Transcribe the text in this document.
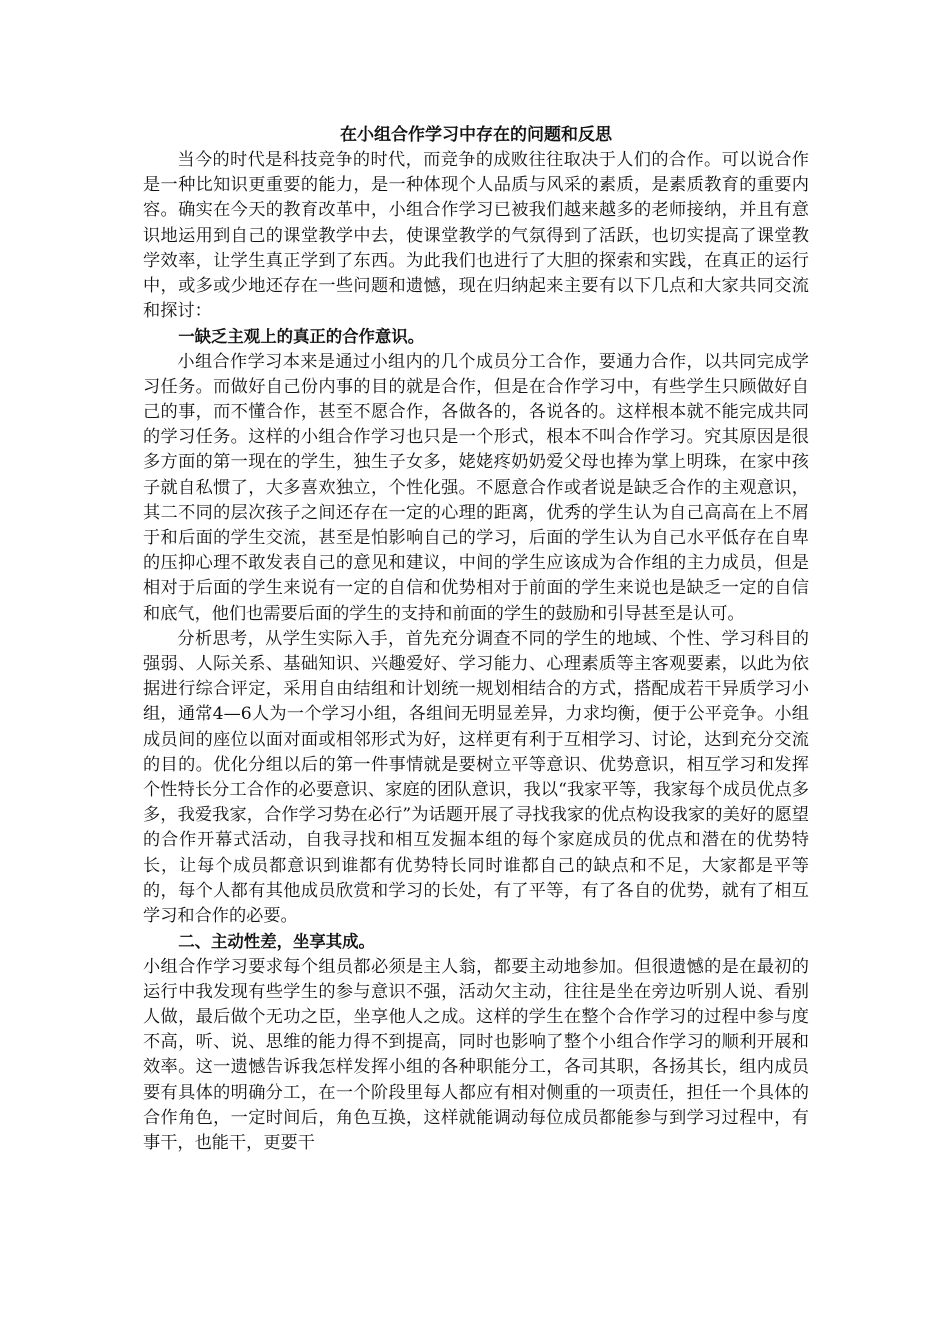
在小组合作学习中存在的问题和反思

当今的时代是科技竞争的时代，而竞争的成败往往取决于人们的合作。可以说合作是一种比知识更重要的能力，是一种体现个人品质与风采的素质，是素质教育的重要内容。确实在今天的教育改革中，小组合作学习已被我们越来越多的老师接纳，并且有意识地运用到自己的课堂教学中去，使课堂教学的气氛得到了活跃，也切实提高了课堂教学效率，让学生真正学到了东西。为此我们也进行了大胆的探索和实践，在真正的运行中，或多或少地还存在一些问题和遗憾，现在归纳起来主要有以下几点和大家共同交流和探讨：

一缺乏主观上的真正的合作意识。

小组合作学习本来是通过小组内的几个成员分工合作，要通力合作，以共同完成学习任务。而做好自己份内事的目的就是合作，但是在合作学习中，有些学生只顾做好自己的事，而不懂合作，甚至不愿合作，各做各的，各说各的。这样根本就不能完成共同的学习任务。这样的小组合作学习也只是一个形式，根本不叫合作学习。究其原因是很多方面的第一现在的学生，独生子女多，姥姥疼奶奶爱父母也捧为掌上明珠，在家中孩子就自私惯了，大多喜欢独立，个性化强。不愿意合作或者说是缺乏合作的主观意识，其二不同的层次孩子之间还存在一定的心理的距离，优秀的学生认为自己高高在上不屑于和后面的学生交流，甚至是怕影响自己的学习，后面的学生认为自己水平低存在自卑的压抑心理不敢发表自己的意见和建议，中间的学生应该成为合作组的主力成员，但是相对于后面的学生来说有一定的自信和优势相对于前面的学生来说也是缺乏一定的自信和底气，他们也需要后面的学生的支持和前面的学生的鼓励和引导甚至是认可。

分析思考，从学生实际入手，首先充分调查不同的学生的地域、个性、学习科目的强弱、人际关系、基础知识、兴趣爱好、学习能力、心理素质等主客观要素，以此为依据进行综合评定，采用自由结组和计划统一规划相结合的方式，搭配成若干异质学习小组，通常4—6人为一个学习小组，各组间无明显差异，力求均衡，便于公平竞争。小组成员间的座位以面对面或相邻形式为好，这样更有利于互相学习、讨论，达到充分交流的目的。优化分组以后的第一件事情就是要树立平等意识、优势意识，相互学习和发挥个性特长分工合作的必要意识、家庭的团队意识，我以“我家平等，我家每个成员优点多多，我爱我家，合作学习势在必行”为话题开展了寻找我家的优点构设我家的美好的愿望的合作开幕式活动，自我寻找和相互发掘本组的每个家庭成员的优点和潜在的优势特长，让每个成员都意识到谁都有优势特长同时谁都自己的缺点和不足，大家都是平等的，每个人都有其他成员欣赏和学习的长处，有了平等，有了各自的优势，就有了相互学习和合作的必要。

二、主动性差，坐享其成。

小组合作学习要求每个组员都必须是主人翁，都要主动地参加。但很遗憾的是在最初的运行中我发现有些学生的参与意识不强，活动欠主动，往往是坐在旁边听别人说、看别人做，最后做个无功之臣，坐享他人之成。这样的学生在整个合作学习的过程中参与度不高，听、说、思维的能力得不到提高，同时也影响了整个小组合作学习的顺利开展和效率。这一遗憾告诉我怎样发挥小组的各种职能分工，各司其职，各扬其长，组内成员要有具体的明确分工，在一个阶段里每人都应有相对侧重的一项责任，担任一个具体的合作角色，一定时间后，角色互换，这样就能调动每位成员都能参与到学习过程中，有事干，也能干，更要干
